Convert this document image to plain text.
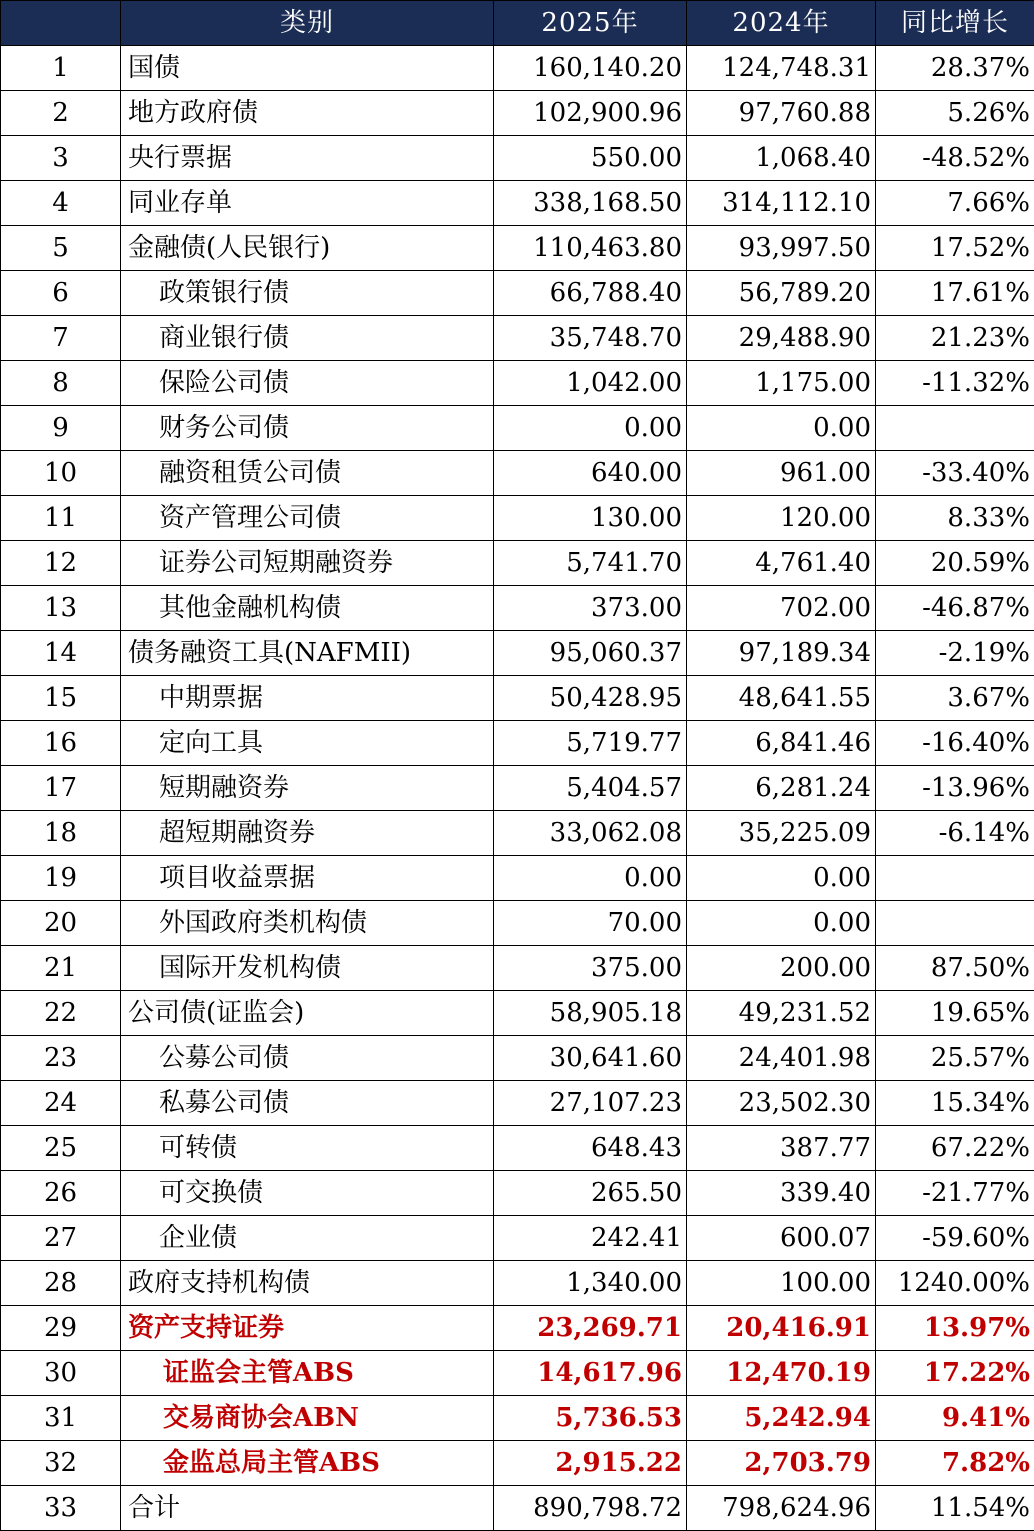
	类别	2025年	2024年	同比增长
1	国债	160,140.20	124,748.31	28.37%
2	地方政府债	102,900.96	97,760.88	5.26%
3	央行票据	550.00	1,068.40	-48.52%
4	同业存单	338,168.50	314,112.10	7.66%
5	金融债(人民银行)	110,463.80	93,997.50	17.52%
6	政策银行债	66,788.40	56,789.20	17.61%
7	商业银行债	35,748.70	29,488.90	21.23%
8	保险公司债	1,042.00	1,175.00	-11.32%
9	财务公司债	0.00	0.00	
10	融资租赁公司债	640.00	961.00	-33.40%
11	资产管理公司债	130.00	120.00	8.33%
12	证券公司短期融资券	5,741.70	4,761.40	20.59%
13	其他金融机构债	373.00	702.00	-46.87%
14	债务融资工具(NAFMII)	95,060.37	97,189.34	-2.19%
15	中期票据	50,428.95	48,641.55	3.67%
16	定向工具	5,719.77	6,841.46	-16.40%
17	短期融资券	5,404.57	6,281.24	-13.96%
18	超短期融资券	33,062.08	35,225.09	-6.14%
19	项目收益票据	0.00	0.00	
20	外国政府类机构债	70.00	0.00	
21	国际开发机构债	375.00	200.00	87.50%
22	公司债(证监会)	58,905.18	49,231.52	19.65%
23	公募公司债	30,641.60	24,401.98	25.57%
24	私募公司债	27,107.23	23,502.30	15.34%
25	可转债	648.43	387.77	67.22%
26	可交换债	265.50	339.40	-21.77%
27	企业债	242.41	600.07	-59.60%
28	政府支持机构债	1,340.00	100.00	1240.00%
29	资产支持证券	23,269.71	20,416.91	13.97%
30	证监会主管ABS	14,617.96	12,470.19	17.22%
31	交易商协会ABN	5,736.53	5,242.94	9.41%
32	金监总局主管ABS	2,915.22	2,703.79	7.82%
33	合计	890,798.72	798,624.96	11.54%
